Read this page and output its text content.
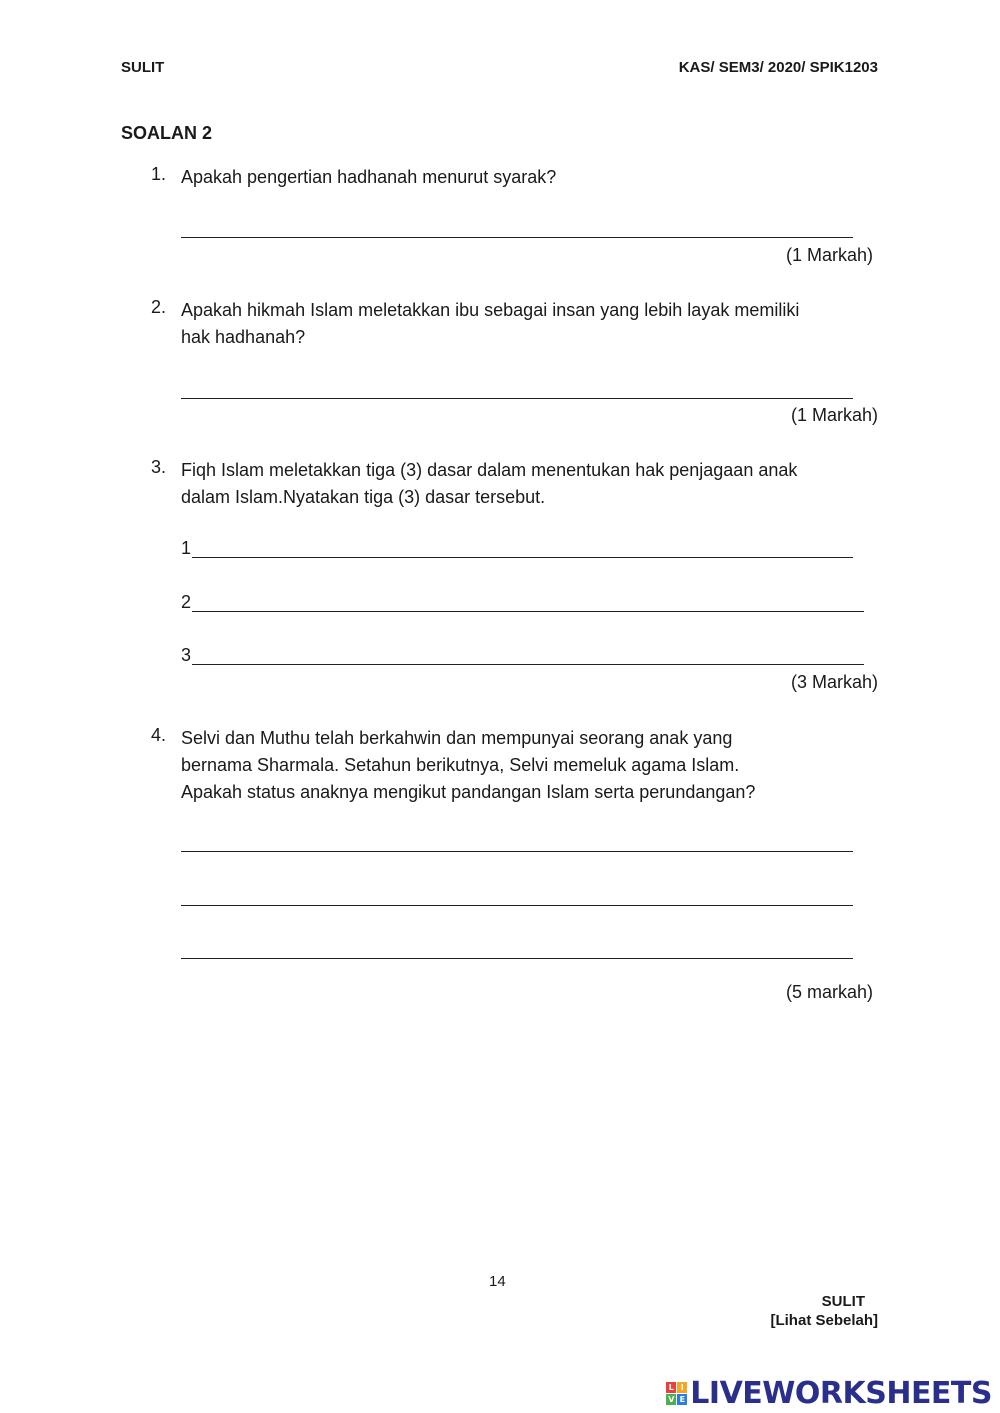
SULIT	KAS/ SEM3/ 2020/ SPIK1203
SOALAN 2
1. Apakah pengertian hadhanah menurut syarak?
(1 Markah)
2. Apakah hikmah Islam meletakkan ibu sebagai insan yang lebih layak memiliki
hak hadhanah?
(1 Markah)
3. Fiqh Islam meletakkan tiga (3) dasar dalam menentukan hak penjagaan anak
dalam Islam.Nyatakan tiga (3) dasar tersebut.
1
2
3
(3 Markah)
4. Selvi dan Muthu telah berkahwin dan mempunyai seorang anak yang
bernama Sharmala. Setahun berikutnya, Selvi memeluk agama Islam.
Apakah status anaknya mengikut pandangan Islam serta perundangan?
(5 markah)
14
SULIT
[Lihat Sebelah]
L I
V E LIVEWORKSHEETS
